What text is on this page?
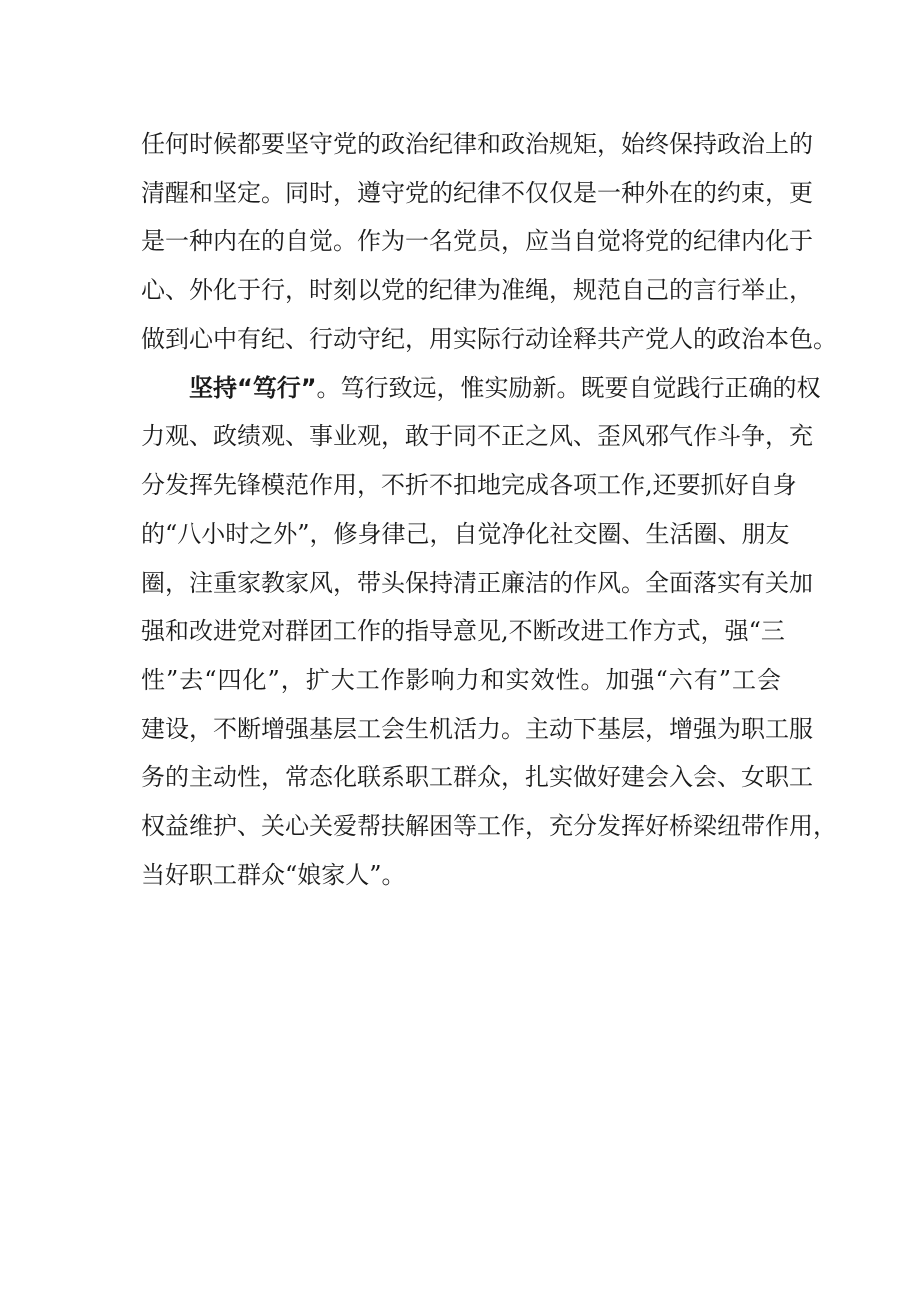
任何时候都要坚守党的政治纪律和政治规矩，始终保持政治上的
清醒和坚定。同时，遵守党的纪律不仅仅是一种外在的约束，更
是一种内在的自觉。作为一名党员，应当自觉将党的纪律内化于
心、外化于行，时刻以党的纪律为准绳，规范自己的言行举止，
做到心中有纪、行动守纪，用实际行动诠释共产党人的政治本色。
坚持“笃行”。笃行致远，惟实励新。既要自觉践行正确的权
力观、政绩观、事业观，敢于同不正之风、歪风邪气作斗争，充
分发挥先锋模范作用，不折不扣地完成各项工作,还要抓好自身
的“八小时之外”，修身律己，自觉净化社交圈、生活圈、朋友
圈，注重家教家风，带头保持清正廉洁的作风。全面落实有关加
强和改进党对群团工作的指导意见,不断改进工作方式，强“三
性”去“四化”，扩大工作影响力和实效性。加强“六有”工会
建设，不断增强基层工会生机活力。主动下基层，增强为职工服
务的主动性，常态化联系职工群众，扎实做好建会入会、女职工
权益维护、关心关爱帮扶解困等工作，充分发挥好桥梁纽带作用，
当好职工群众“娘家人”。
